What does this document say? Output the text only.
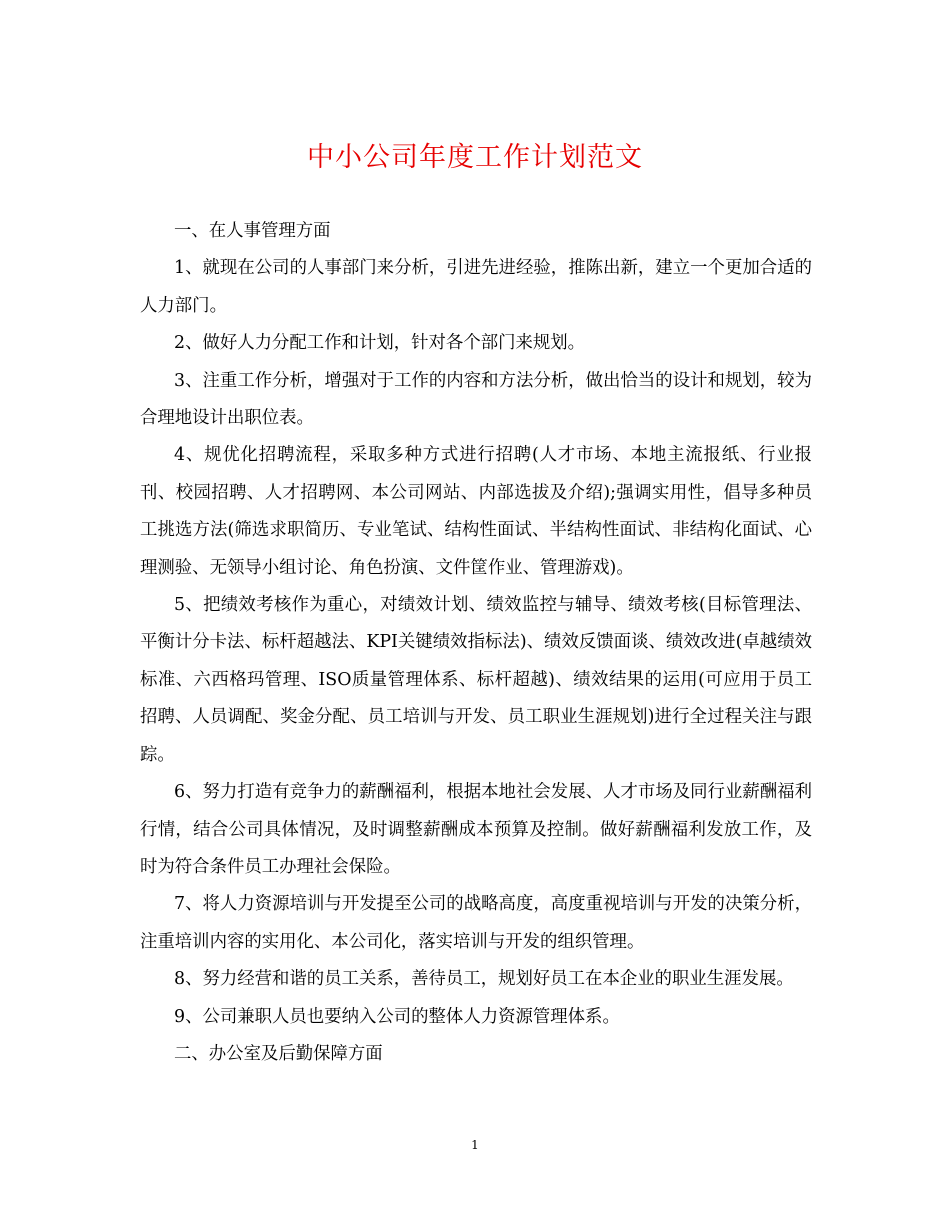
中小公司年度工作计划范文

一、在人事管理方面

1、就现在公司的人事部门来分析，引进先进经验，推陈出新，建立一个更加合适的人力部门。

2、做好人力分配工作和计划，针对各个部门来规划。

3、注重工作分析，增强对于工作的内容和方法分析，做出恰当的设计和规划，较为合理地设计出职位表。

4、规优化招聘流程，采取多种方式进行招聘(人才市场、本地主流报纸、行业报刊、校园招聘、人才招聘网、本公司网站、内部选拔及介绍);强调实用性，倡导多种员工挑选方法(筛选求职简历、专业笔试、结构性面试、半结构性面试、非结构化面试、心理测验、无领导小组讨论、角色扮演、文件筐作业、管理游戏)。

5、把绩效考核作为重心，对绩效计划、绩效监控与辅导、绩效考核(目标管理法、平衡计分卡法、标杆超越法、KPI关键绩效指标法)、绩效反馈面谈、绩效改进(卓越绩效标准、六西格玛管理、ISO质量管理体系、标杆超越)、绩效结果的运用(可应用于员工招聘、人员调配、奖金分配、员工培训与开发、员工职业生涯规划)进行全过程关注与跟踪。

6、努力打造有竞争力的薪酬福利，根据本地社会发展、人才市场及同行业薪酬福利行情，结合公司具体情况，及时调整薪酬成本预算及控制。做好薪酬福利发放工作，及时为符合条件员工办理社会保险。

7、将人力资源培训与开发提至公司的战略高度，高度重视培训与开发的决策分析，注重培训内容的实用化、本公司化，落实培训与开发的组织管理。

8、努力经营和谐的员工关系，善待员工，规划好员工在本企业的职业生涯发展。

9、公司兼职人员也要纳入公司的整体人力资源管理体系。

二、办公室及后勤保障方面

1
